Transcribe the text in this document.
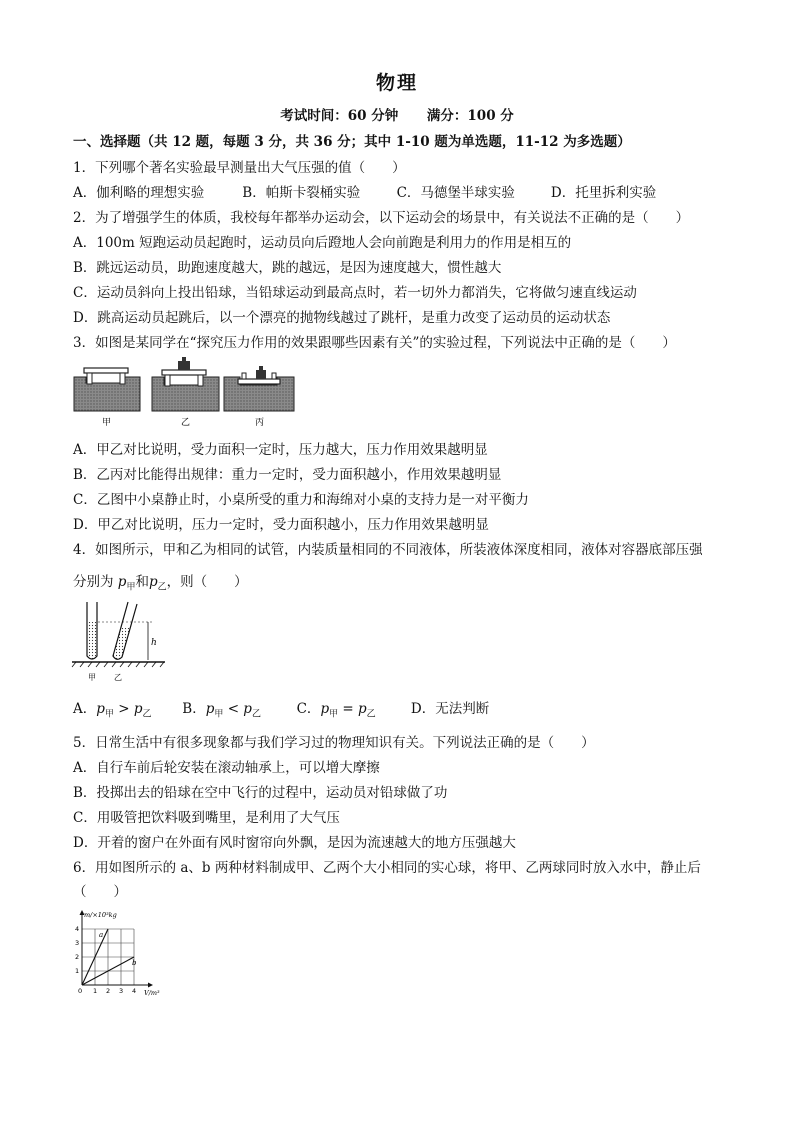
物理
考试时间：60 分钟 满分：100 分
一、选择题（共 12 题，每题 3 分，共 36 分；其中 1-10 题为单选题，11-12 为多选题）
1．下列哪个著名实验最早测量出大气压强的值（　　）
A．伽利略的理想实验	B．帕斯卡裂桶实验	C．马德堡半球实验	D．托里拆利实验
2．为了增强学生的体质，我校每年都举办运动会，以下运动会的场景中，有关说法不正确的是（　　）
A．100m 短跑运动员起跑时，运动员向后蹬地人会向前跑是利用力的作用是相互的
B．跳远运动员，助跑速度越大，跳的越远，是因为速度越大，惯性越大
C．运动员斜向上投出铅球，当铅球运动到最高点时，若一切外力都消失，它将做匀速直线运动
D．跳高运动员起跳后，以一个漂亮的抛物线越过了跳杆，是重力改变了运动员的运动状态
3．如图是某同学在“探究压力作用的效果跟哪些因素有关”的实验过程，下列说法中正确的是（　　）
甲	乙	丙
A．甲乙对比说明，受力面积一定时，压力越大，压力作用效果越明显
B．乙丙对比能得出规律：重力一定时，受力面积越小，作用效果越明显
C．乙图中小桌静止时，小桌所受的重力和海绵对小桌的支持力是一对平衡力
D．甲乙对比说明，压力一定时，受力面积越小，压力作用效果越明显
4．如图所示，甲和乙为相同的试管，内装质量相同的不同液体，所装液体深度相同，液体对容器底部压强
分别为 $p_甲$和$p_乙$，则（　　）
h
甲 乙
A．$p_甲 > p_乙$ B．$p_甲 < p_乙$	C．$p_甲 = p_乙$	D．无法判断
5．日常生活中有很多现象都与我们学习过的物理知识有关。下列说法正确的是（　　）
A．自行车前后轮安装在滚动轴承上，可以增大摩擦
B．投掷出去的铅球在空中飞行的过程中，运动员对铅球做了功
C．用吸管把饮料吸到嘴里，是利用了大气压
D．开着的窗户在外面有风时窗帘向外飘，是因为流速越大的地方压强越大
6．用如图所示的 a、b 两种材料制成甲、乙两个大小相同的实心球，将甲、乙两球同时放入水中，静止后
（　　）
a
b
m/×10³kg
V/m³
4
3
2
1
0 1 2 3 4
